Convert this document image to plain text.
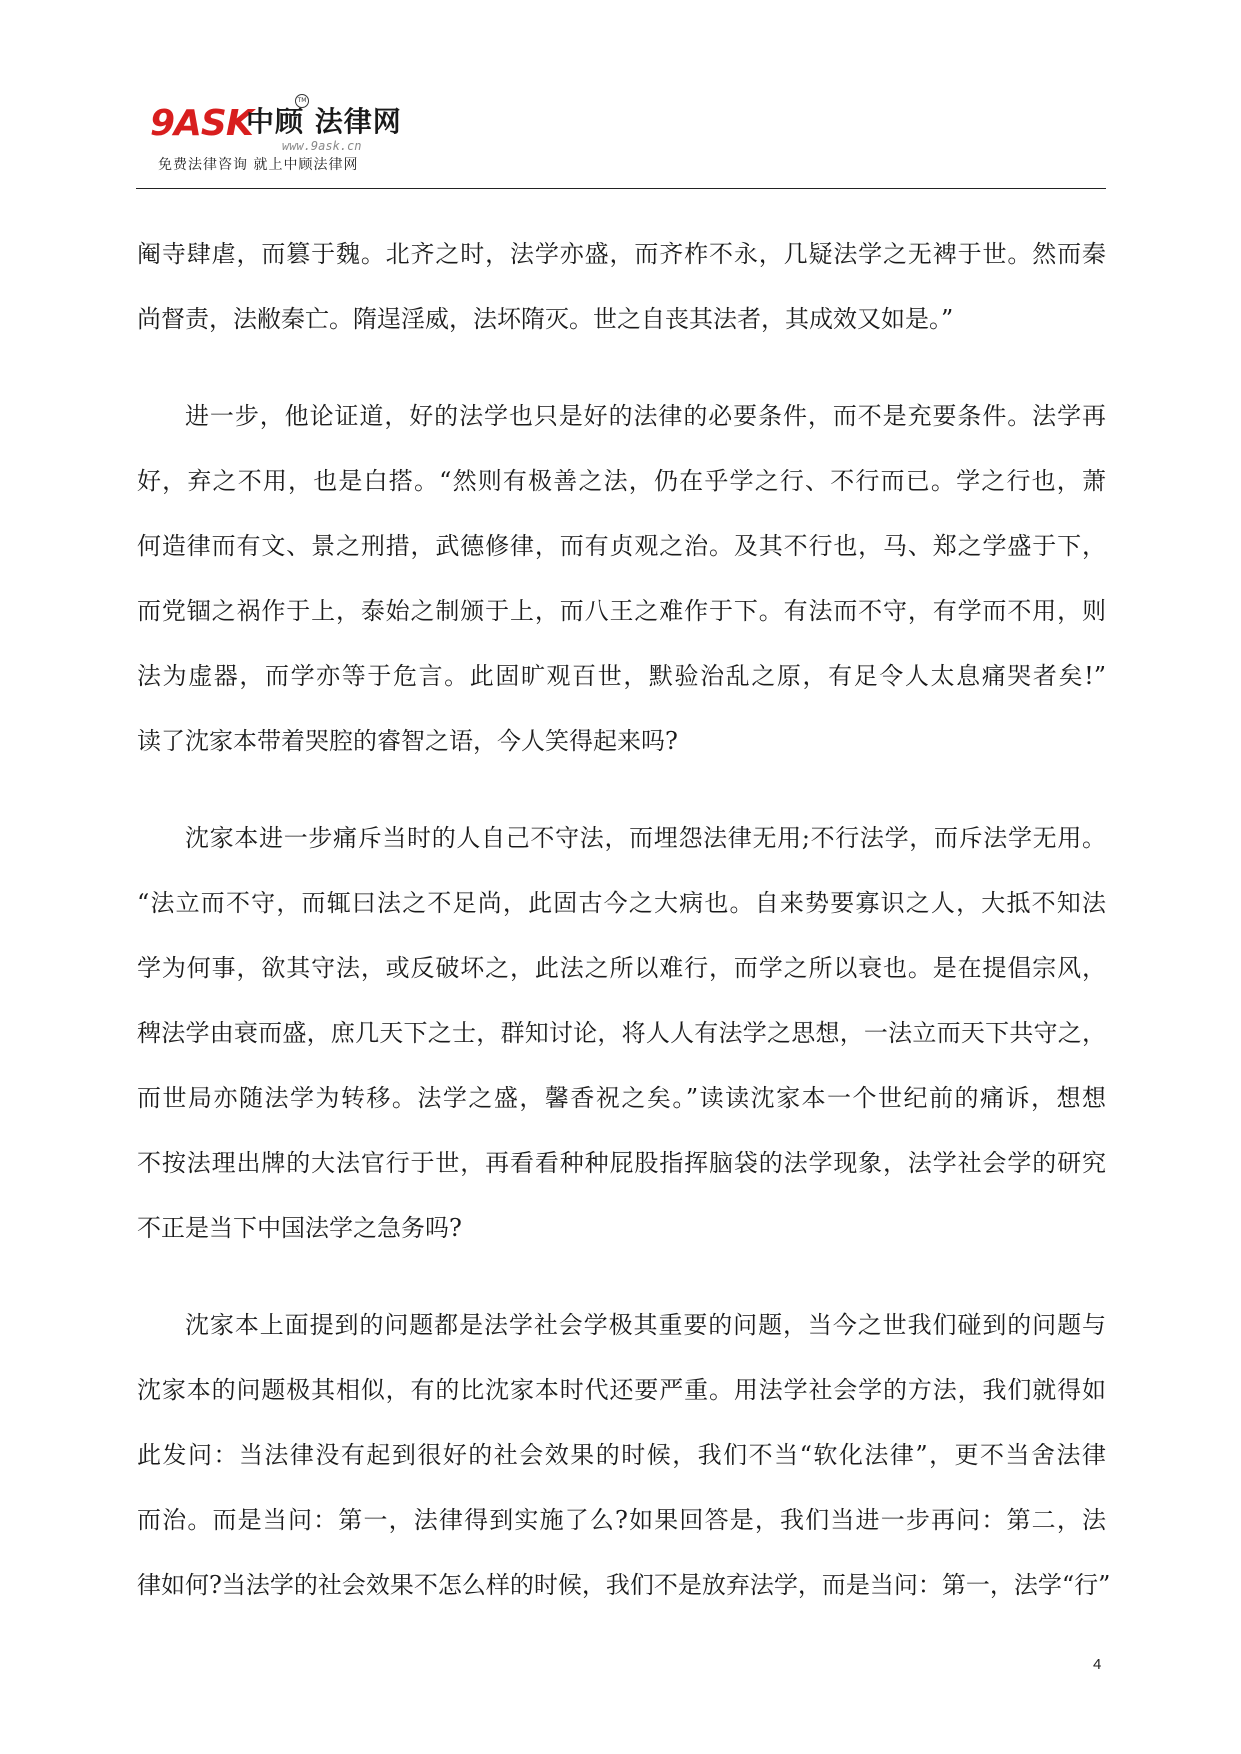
9ASK
TM
中顾 法律网
www.9ask.cn
免费法律咨询 就上中顾法律网

阉寺肆虐，而篡于魏。北齐之时，法学亦盛，而齐柞不永，几疑法学之无裨于世。然而秦
尚督责，法敝秦亡。隋逞淫威，法坏隋灭。世之自丧其法者，其成效又如是。”

进一步，他论证道，好的法学也只是好的法律的必要条件，而不是充要条件。法学再
好，弃之不用，也是白搭。“然则有极善之法，仍在乎学之行、不行而已。学之行也，萧
何造律而有文、景之刑措，武德修律，而有贞观之治。及其不行也，马、郑之学盛于下，
而党锢之祸作于上，泰始之制颁于上，而八王之难作于下。有法而不守，有学而不用，则
法为虚器，而学亦等于危言。此固旷观百世，默验治乱之原，有足令人太息痛哭者矣!”
读了沈家本带着哭腔的睿智之语，今人笑得起来吗?

沈家本进一步痛斥当时的人自己不守法，而埋怨法律无用;不行法学，而斥法学无用。
“法立而不守，而辄曰法之不足尚，此固古今之大病也。自来势要寡识之人，大抵不知法
学为何事，欲其守法，或反破坏之，此法之所以难行，而学之所以衰也。是在提倡宗风，
稗法学由衰而盛，庶几天下之士，群知讨论，将人人有法学之思想，一法立而天下共守之，
而世局亦随法学为转移。法学之盛，馨香祝之矣。”读读沈家本一个世纪前的痛诉，想想
不按法理出牌的大法官行于世，再看看种种屁股指挥脑袋的法学现象，法学社会学的研究
不正是当下中国法学之急务吗?

沈家本上面提到的问题都是法学社会学极其重要的问题，当今之世我们碰到的问题与
沈家本的问题极其相似，有的比沈家本时代还要严重。用法学社会学的方法，我们就得如
此发问：当法律没有起到很好的社会效果的时候，我们不当“软化法律”，更不当舍法律
而治。而是当问：第一，法律得到实施了么?如果回答是，我们当进一步再问：第二，法
律如何?当法学的社会效果不怎么样的时候，我们不是放弃法学，而是当问：第一，法学“行”

4
